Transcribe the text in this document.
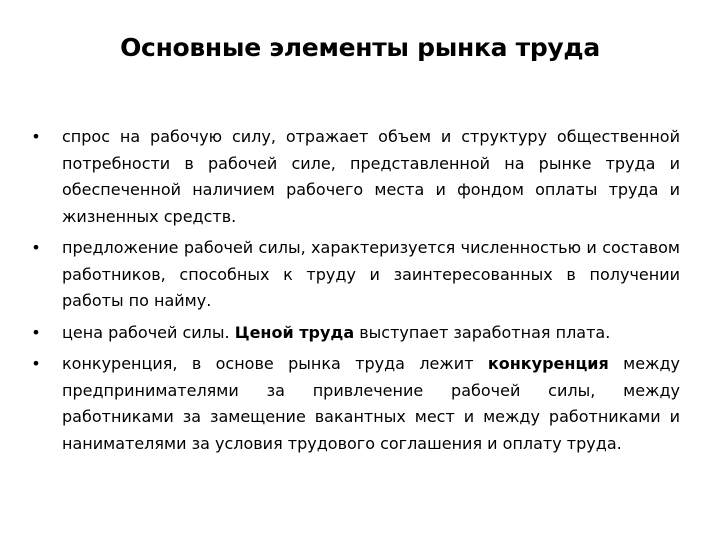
Основные элементы рынка труда
• спрос на рабочую силу, отражает объем и структуру общественной потребности в рабочей силе, представленной на рынке труда и обеспеченной наличием рабочего места и фондом оплаты труда и жизненных средств.
• предложение рабочей силы, характеризуется численностью и составом работников, способных к труду и заинтересованных в получении работы по найму.
• цена рабочей силы. Ценой труда выступает заработная плата.
• конкуренция, в основе рынка труда лежит конкуренция между предпринимателями за привлечение рабочей силы, между работниками за замещение вакантных мест и между работниками и нанимателями за условия трудового соглашения и оплату труда.
